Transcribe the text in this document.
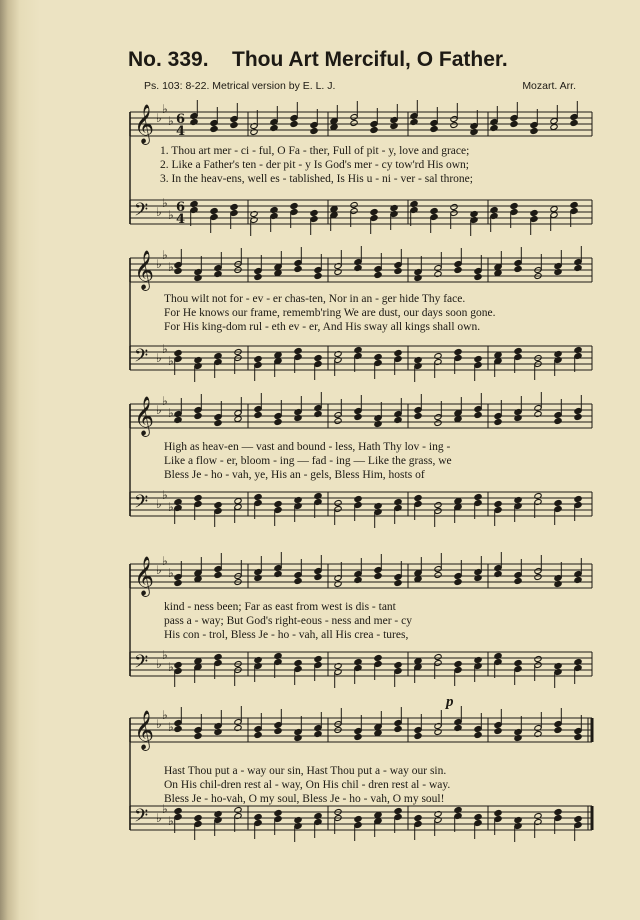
No. 339. Thou Art Merciful, O Father.
Ps. 103: 8-22. Metrical version by E. L. J.	Mozart. Arr.
𝄞 ♭
♭
♭ 6
4
𝄢 ♭
♭
♭ 6
4
1. Thou art mer - ci - ful, O Fa - ther, Full of pit - y, love and grace;
2. Like a Father's ten - der pit - y Is God's mer - cy tow'rd His own;
3. In the heav-ens, well es - tablished, Is His u - ni - ver - sal throne;
𝄞 ♭
♭
♭
𝄢 ♭
♭
♭
Thou wilt not for - ev - er chas-ten, Nor in an - ger hide Thy face.
For He knows our frame, rememb'ring We are dust, our days soon gone.
For His king-dom rul - eth ev - er, And His sway all kings shall own.
𝄞 ♭
♭
♭
𝄢 ♭
♭
♭
High as heav-en — vast and bound - less, Hath Thy lov - ing -
Like a flow - er, bloom - ing — fad - ing — Like the grass, we
Bless Je - ho - vah, ye, His an - gels, Bless Him, hosts of
𝄞 ♭
♭
♭
𝄢 ♭
♭
♭
kind - ness been; Far as east from west is dis - tant
pass a - way; But God's right-eous - ness and mer - cy
His con - trol, Bless Je - ho - vah, all His crea - tures,
𝄞 ♭
♭
♭
𝄢 ♭
♭
♭
p
Hast Thou put a - way our sin, Hast Thou put a - way our sin.
On His chil-dren rest al - way, On His chil - dren rest al - way.
Bless Je - ho-vah, O my soul, Bless Je - ho - vah, O my soul!
